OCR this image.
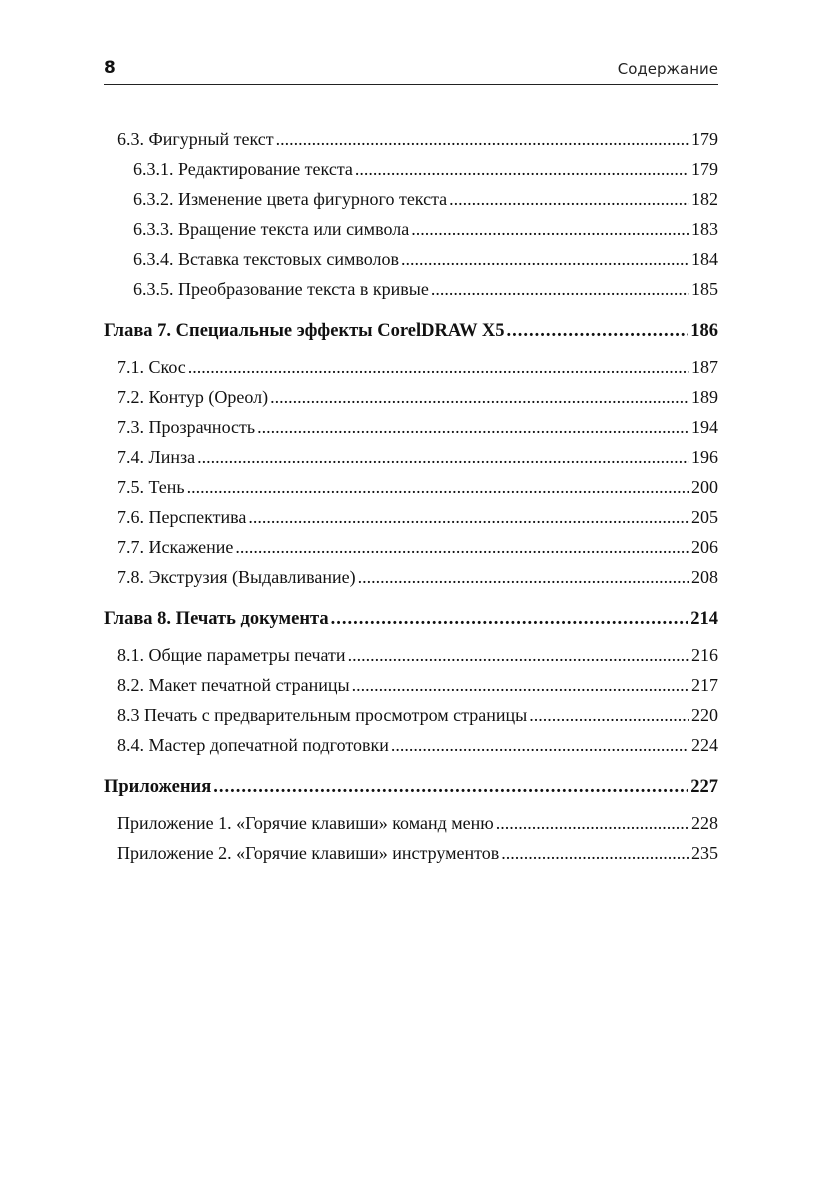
8	Содержание
6.3. Фигурный текст .....	179
6.3.1. Редактирование текста .....	179
6.3.2. Изменение цвета фигурного текста .....	182
6.3.3. Вращение текста или символа .....	183
6.3.4. Вставка текстовых символов .....	184
6.3.5. Преобразование текста в кривые .....	185
Глава 7. Специальные эффекты CorelDRAW X5 .....	186
7.1. Скос .....	187
7.2. Контур (Ореол) .....	189
7.3. Прозрачность .....	194
7.4. Линза .....	196
7.5. Тень .....	200
7.6. Перспектива .....	205
7.7. Искажение .....	206
7.8. Экструзия (Выдавливание) .....	208
Глава 8. Печать документа .....	214
8.1. Общие параметры печати .....	216
8.2. Макет печатной страницы .....	217
8.3 Печать с предварительным просмотром страницы .....	220
8.4. Мастер допечатной подготовки .....	224
Приложения .....	227
Приложение 1. «Горячие клавиши» команд меню .....	228
Приложение 2. «Горячие клавиши» инструментов .....	235
